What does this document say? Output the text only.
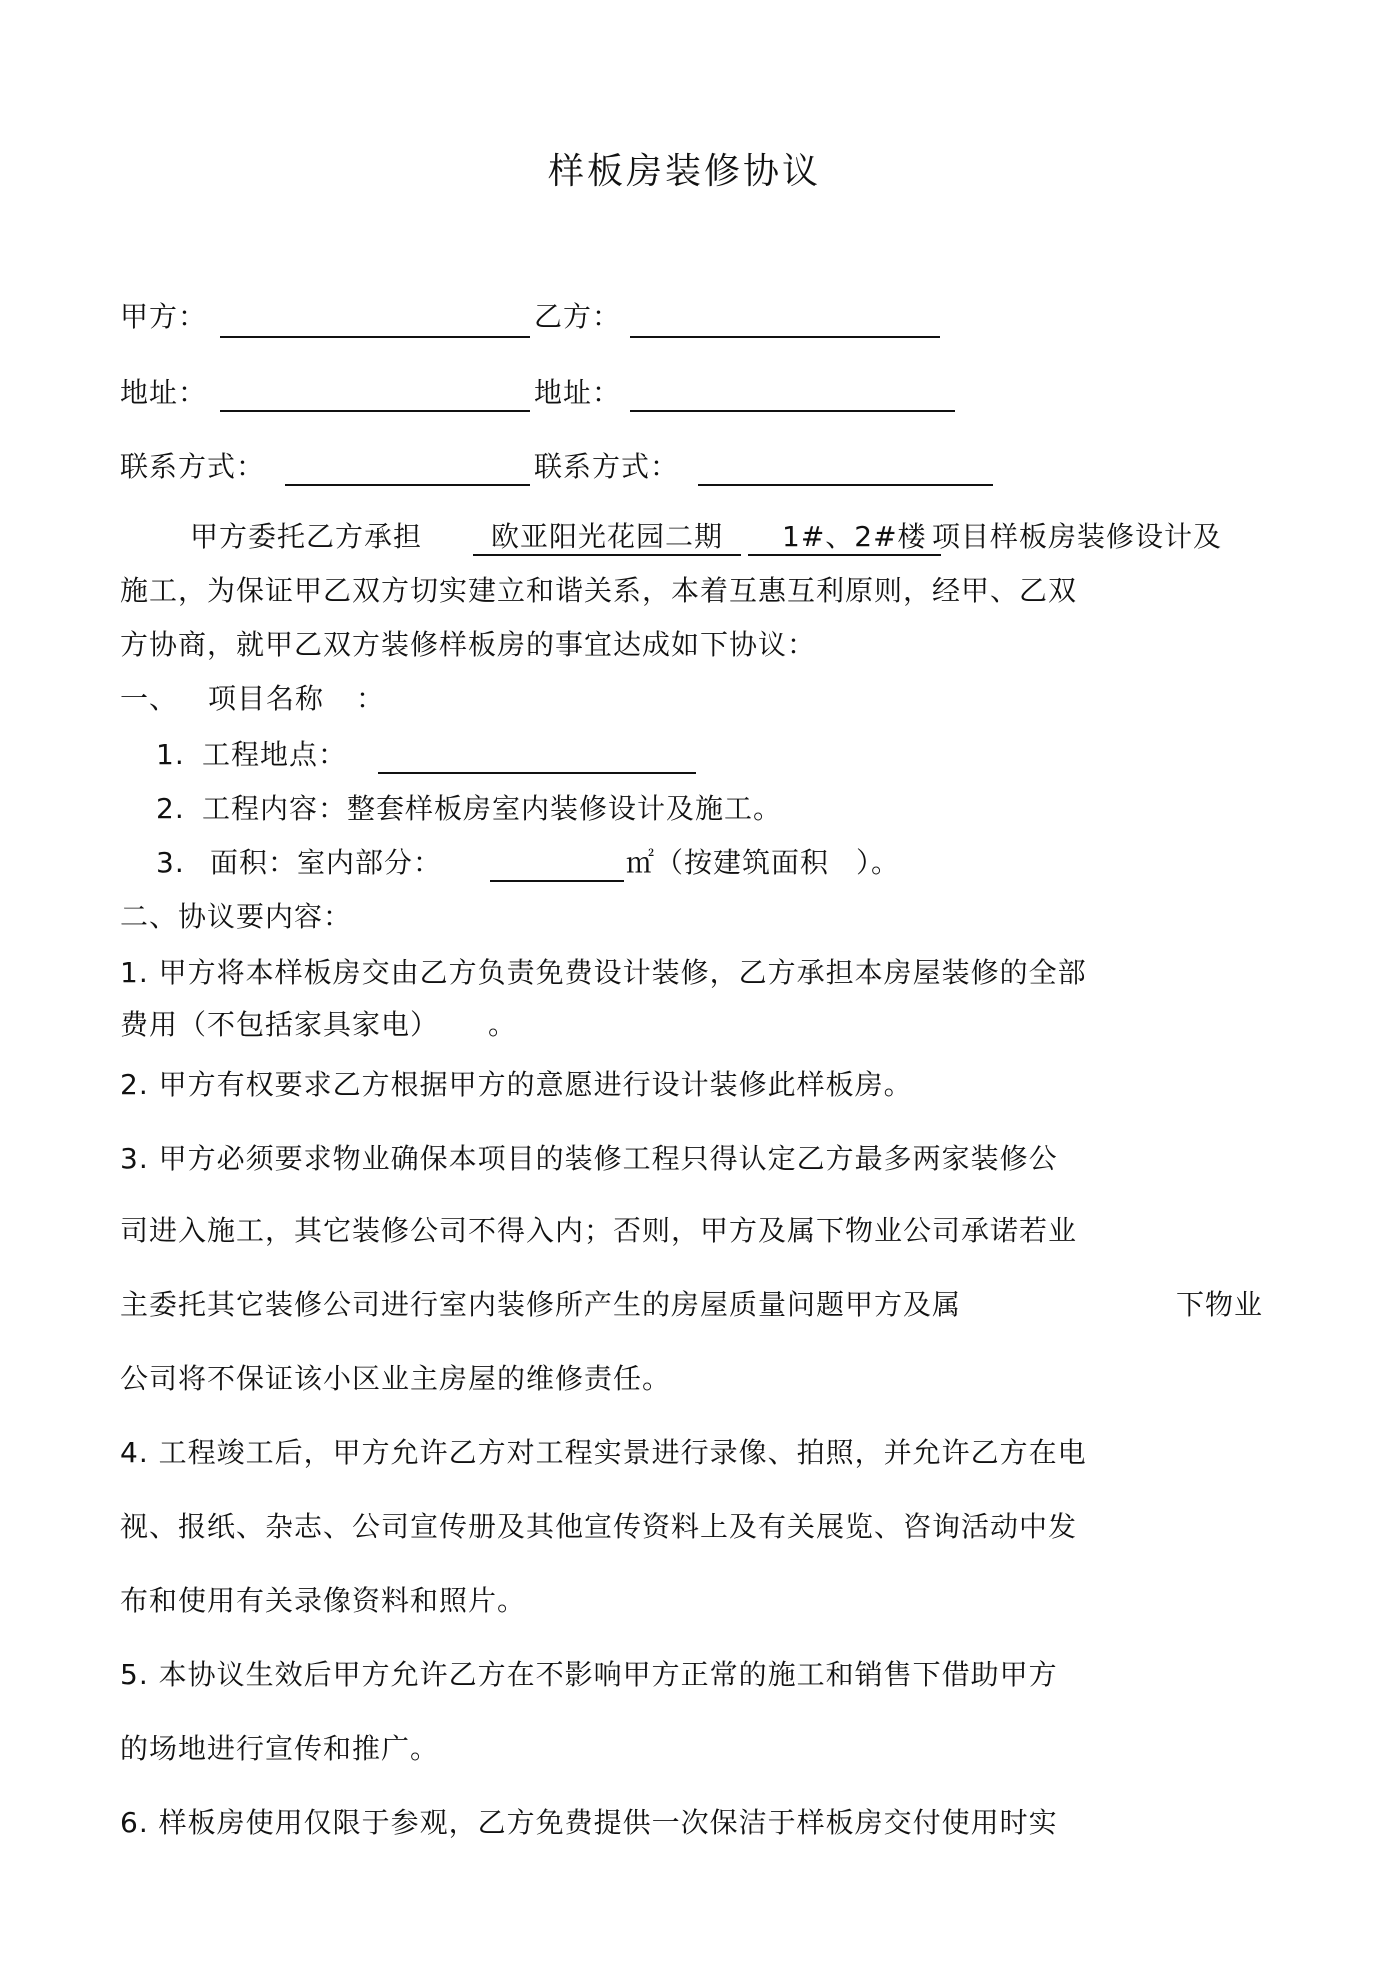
样板房装修协议
甲方：	乙方：
地址：	地址：
联系方式：	联系方式：
甲方委托乙方承担	欧亚阳光花园二期	1#、2#楼 项目样板房装修设计及
施工，为保证甲乙双方切实建立和谐关系，本着互惠互利原则，经甲、乙双
方协商，就甲乙双方装修样板房的事宜达成如下协议：
一、 项目名称 ：
1. 工程地点：
2. 工程内容：整套样板房室内装修设计及施工。
3. 面积：室内部分：	㎡（按建筑面积 ）。
二、协议要内容：
1. 甲方将本样板房交由乙方负责免费设计装修，乙方承担本房屋装修的全部
费用（不包括家具家电） 。
2. 甲方有权要求乙方根据甲方的意愿进行设计装修此样板房。
3. 甲方必须要求物业确保本项目的装修工程只得认定乙方最多两家装修公
司进入施工，其它装修公司不得入内；否则，甲方及属下物业公司承诺若业
主委托其它装修公司进行室内装修所产生的房屋质量问题甲方及属	下物业
公司将不保证该小区业主房屋的维修责任。
4. 工程竣工后，甲方允许乙方对工程实景进行录像、拍照，并允许乙方在电
视、报纸、杂志、公司宣传册及其他宣传资料上及有关展览、咨询活动中发
布和使用有关录像资料和照片。
5. 本协议生效后甲方允许乙方在不影响甲方正常的施工和销售下借助甲方
的场地进行宣传和推广。
6. 样板房使用仅限于参观，乙方免费提供一次保洁于样板房交付使用时实
